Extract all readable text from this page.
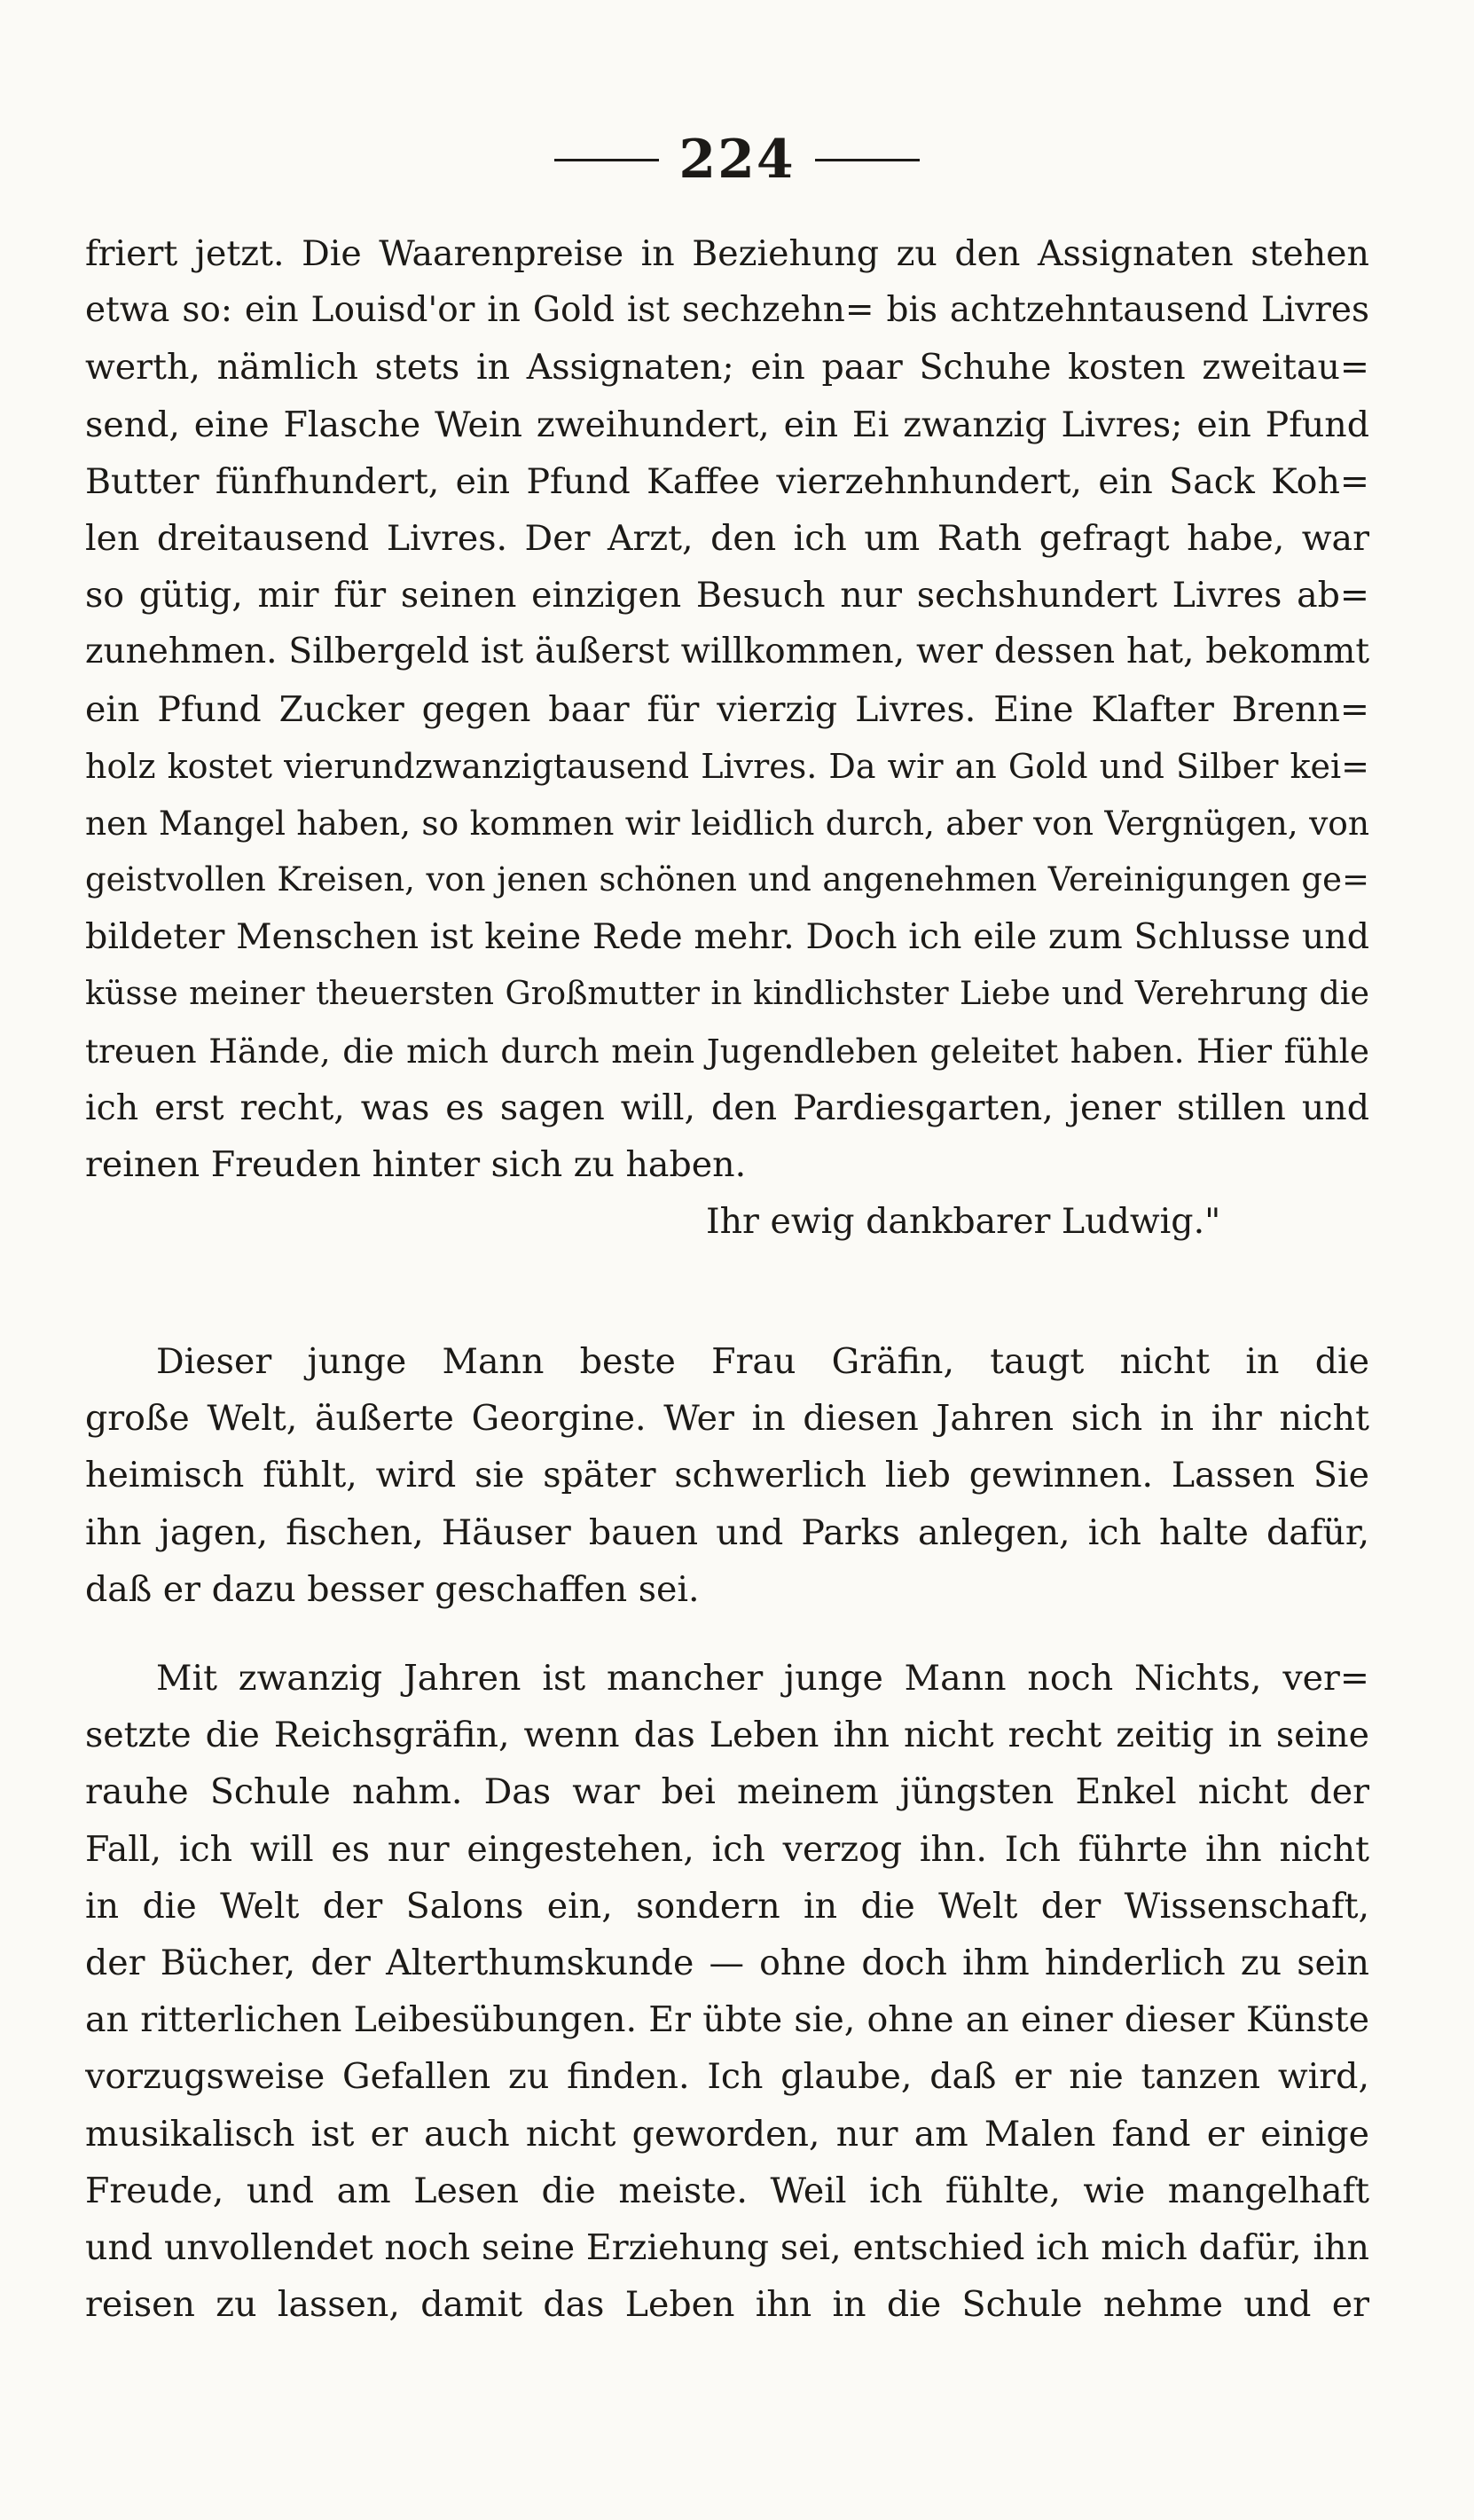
224
friert jetzt. Die Waarenpreise in Beziehung zu den Assignaten stehen
etwa so: ein Louisd'or in Gold ist sechzehn= bis achtzehntausend Livres
werth, nämlich stets in Assignaten; ein paar Schuhe kosten zweitau=
send, eine Flasche Wein zweihundert, ein Ei zwanzig Livres; ein Pfund
Butter fünfhundert, ein Pfund Kaffee vierzehnhundert, ein Sack Koh=
len dreitausend Livres. Der Arzt, den ich um Rath gefragt habe, war
so gütig, mir für seinen einzigen Besuch nur sechshundert Livres ab=
zunehmen. Silbergeld ist äußerst willkommen, wer dessen hat, bekommt
ein Pfund Zucker gegen baar für vierzig Livres. Eine Klafter Brenn=
holz kostet vierundzwanzigtausend Livres. Da wir an Gold und Silber kei=
nen Mangel haben, so kommen wir leidlich durch, aber von Vergnügen, von
geistvollen Kreisen, von jenen schönen und angenehmen Vereinigungen ge=
bildeter Menschen ist keine Rede mehr. Doch ich eile zum Schlusse und
küsse meiner theuersten Großmutter in kindlichster Liebe und Verehrung die
treuen Hände, die mich durch mein Jugendleben geleitet haben. Hier fühle
ich erst recht, was es sagen will, den Pardiesgarten, jener stillen und
reinen Freuden hinter sich zu haben.
Ihr ewig dankbarer Ludwig."
Dieser junge Mann beste Frau Gräfin, taugt nicht in die
große Welt, äußerte Georgine. Wer in diesen Jahren sich in ihr nicht
heimisch fühlt, wird sie später schwerlich lieb gewinnen. Lassen Sie
ihn jagen, fischen, Häuser bauen und Parks anlegen, ich halte dafür,
daß er dazu besser geschaffen sei.
Mit zwanzig Jahren ist mancher junge Mann noch Nichts, ver=
setzte die Reichsgräfin, wenn das Leben ihn nicht recht zeitig in seine
rauhe Schule nahm. Das war bei meinem jüngsten Enkel nicht der
Fall, ich will es nur eingestehen, ich verzog ihn. Ich führte ihn nicht
in die Welt der Salons ein, sondern in die Welt der Wissenschaft,
der Bücher, der Alterthumskunde — ohne doch ihm hinderlich zu sein
an ritterlichen Leibesübungen. Er übte sie, ohne an einer dieser Künste
vorzugsweise Gefallen zu finden. Ich glaube, daß er nie tanzen wird,
musikalisch ist er auch nicht geworden, nur am Malen fand er einige
Freude, und am Lesen die meiste. Weil ich fühlte, wie mangelhaft
und unvollendet noch seine Erziehung sei, entschied ich mich dafür, ihn
reisen zu lassen, damit das Leben ihn in die Schule nehme und er
